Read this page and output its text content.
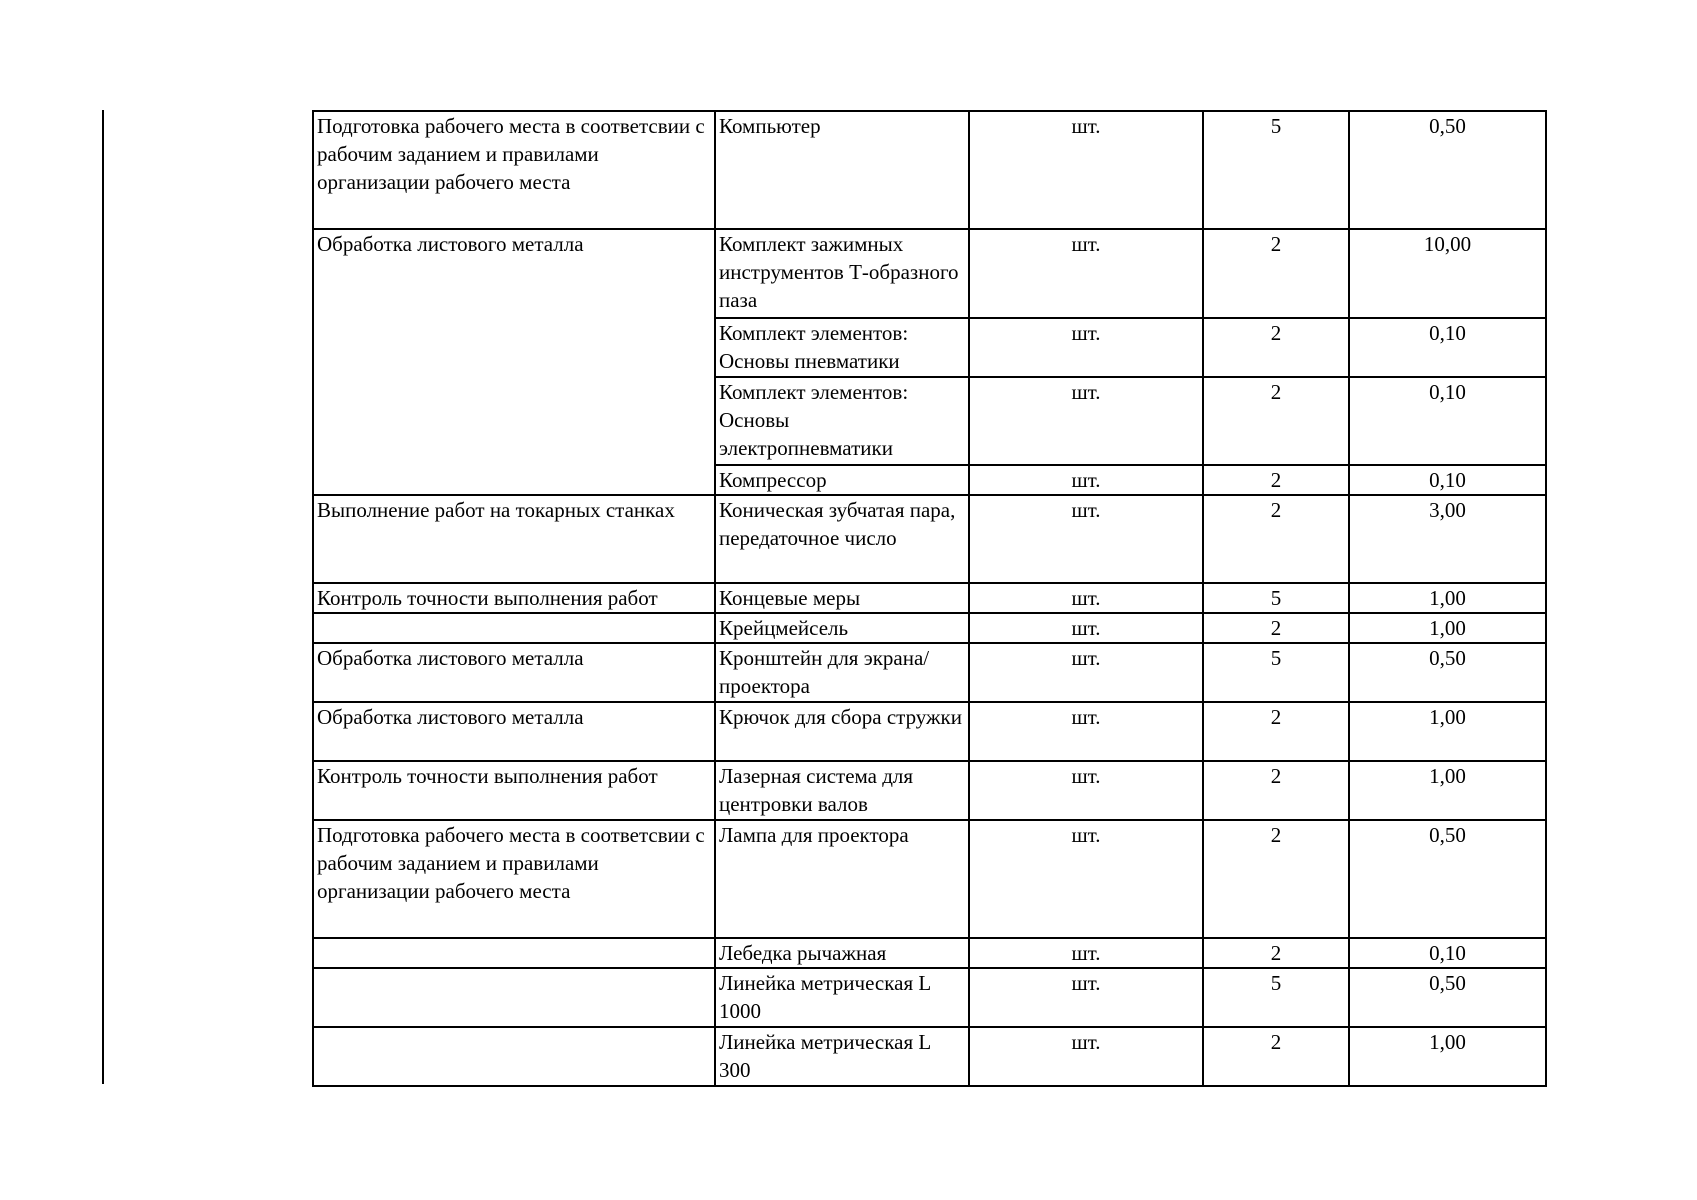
Подготовка рабочего места в соответсвии с рабочим заданием и правилами организации рабочего места	Компьютер	шт.	5	0,50
Обработка листового металла	Комплект зажимных инструментов Т-образного паза	шт.	2	10,00
	Комплект элементов: Основы пневматики	шт.	2	0,10
	Комплект элементов: Основы электропневматики	шт.	2	0,10
	Компрессор	шт.	2	0,10
Выполнение работ на токарных станках	Коническая зубчатая пара, передаточное число	шт.	2	3,00
Контроль точности выполнения работ	Концевые меры	шт.	5	1,00
	Крейцмейсель	шт.	2	1,00
Обработка листового металла	Кронштейн для экрана/ проектора	шт.	5	0,50
Обработка листового металла	Крючок для сбора стружки	шт.	2	1,00
Контроль точности выполнения работ	Лазерная система для центровки валов	шт.	2	1,00
Подготовка рабочего места в соответсвии с рабочим заданием и правилами организации рабочего места	Лампа для проектора	шт.	2	0,50
	Лебедка рычажная	шт.	2	0,10
	Линейка метрическая L 1000	шт.	5	0,50
	Линейка метрическая L 300	шт.	2	1,00
